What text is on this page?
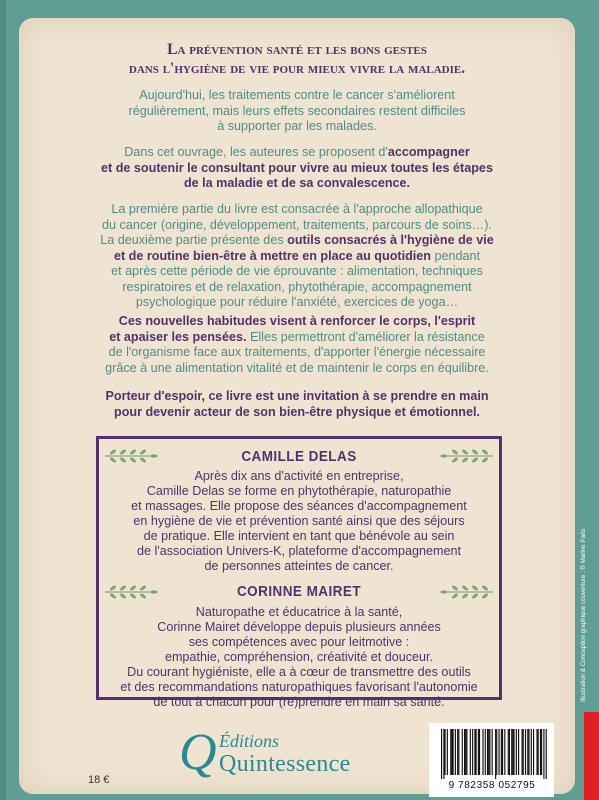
La prévention santé et les bons gestes
dans l'hygiène de vie pour mieux vivre la maladie.
Aujourd'hui, les traitements contre le cancer s'améliorent
régulièrement, mais leurs effets secondaires restent difficiles
à supporter par les malades.
Dans cet ouvrage, les auteures se proposent d'accompagner
et de soutenir le consultant pour vivre au mieux toutes les étapes
de la maladie et de sa convalescence.
La première partie du livre est consacrée à l'approche allopathique
du cancer (origine, développement, traitements, parcours de soins…).
La deuxième partie présente des outils consacrés à l'hygiène de vie
et de routine bien-être à mettre en place au quotidien pendant
et après cette période de vie éprouvante : alimentation, techniques
respiratoires et de relaxation, phytothérapie, accompagnement
psychologique pour réduire l'anxiété, exercices de yoga…
Ces nouvelles habitudes visent à renforcer le corps, l'esprit
et apaiser les pensées. Elles permettront d'améliorer la résistance
de l'organisme face aux traitements, d'apporter l'énergie nécessaire
grâce à une alimentation vitalité et de maintenir le corps en équilibre.
Porteur d'espoir, ce livre est une invitation à se prendre en main
pour devenir acteur de son bien-être physique et émotionnel.
CAMILLE DELAS
Après dix ans d'activité en entreprise,
Camille Delas se forme en phytothérapie, naturopathie
et massages. Elle propose des séances d'accompagnement
en hygiène de vie et prévention santé ainsi que des séjours
de pratique. Elle intervient en tant que bénévole au sein
de l'association Univers-K, plateforme d'accompagnement
de personnes atteintes de cancer.
CORINNE MAIRET
Naturopathe et éducatrice à la santé,
Corinne Mairet développe depuis plusieurs années
ses compétences avec pour leitmotive :
empathie, compréhension, créativité et douceur.
Du courant hygiéniste, elle a à cœur de transmettre des outils
et des recommandations naturopathiques favorisant l'autonomie
de tout à chacun pour (re)prendre en main sa santé.
18 € Q Éditions
Quintessence
9 782358 052795
Illustration & Conception graphique couverture : © Marine Paris
